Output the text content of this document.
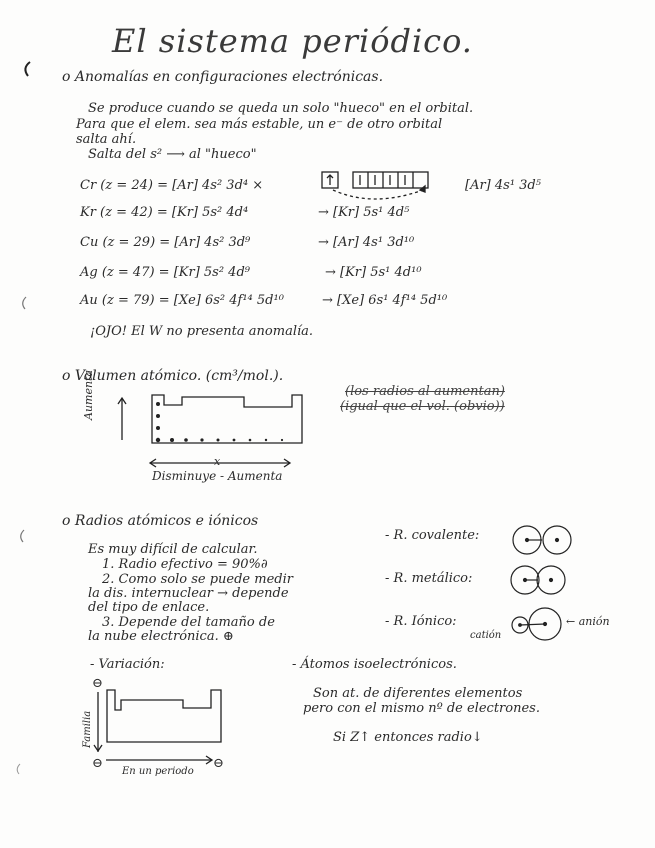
El sistema periódico.
o Anomalías en configuraciones electrónicas.
Se produce cuando se queda un solo "hueco" en el orbital.
Para que el elem. sea más estable, un e⁻ de otro orbital
salta ahí.
Salta del s² ⟶ al "hueco"
Cr (z = 24) = [Ar] 4s² 3d⁴ ×	[Ar] 4s¹ 3d⁵
Kr (z = 42) = [Kr] 5s² 4d⁴	→ [Kr] 5s¹ 4d⁵
Cu (z = 29) = [Ar] 4s² 3d⁹	→ [Ar] 4s¹ 3d¹⁰
Ag (z = 47) = [Kr] 5s² 4d⁹	→ [Kr] 5s¹ 4d¹⁰
Au (z = 79) = [Xe] 6s² 4f¹⁴ 5d¹⁰	→ [Xe] 6s¹ 4f¹⁴ 5d¹⁰
¡OJO! El W no presenta anomalía.
o Volumen atómico. (cm³/mol.).
(los radios al aumentan)
(igual que el vol. (obvio))
Aumenta
x
Disminuye - Aumenta
o Radios atómicos e iónicos
Es muy difícil de calcular.
1. Radio efectivo = 90%∂
2. Como solo se puede medir
la dis. internuclear → depende
del tipo de enlace.
3. Depende del tamaño de
la nube electrónica. ⊕
- R. covalente:
- R. metálico:
- R. Iónico:	← anión
catión
- Variación:	- Átomos isoelectrónicos.
Son at. de diferentes elementos
pero con el mismo nº de electrones.
Si Z↑ entonces radio↓
⊖
⊖	⊖
Familia
En un periodo
